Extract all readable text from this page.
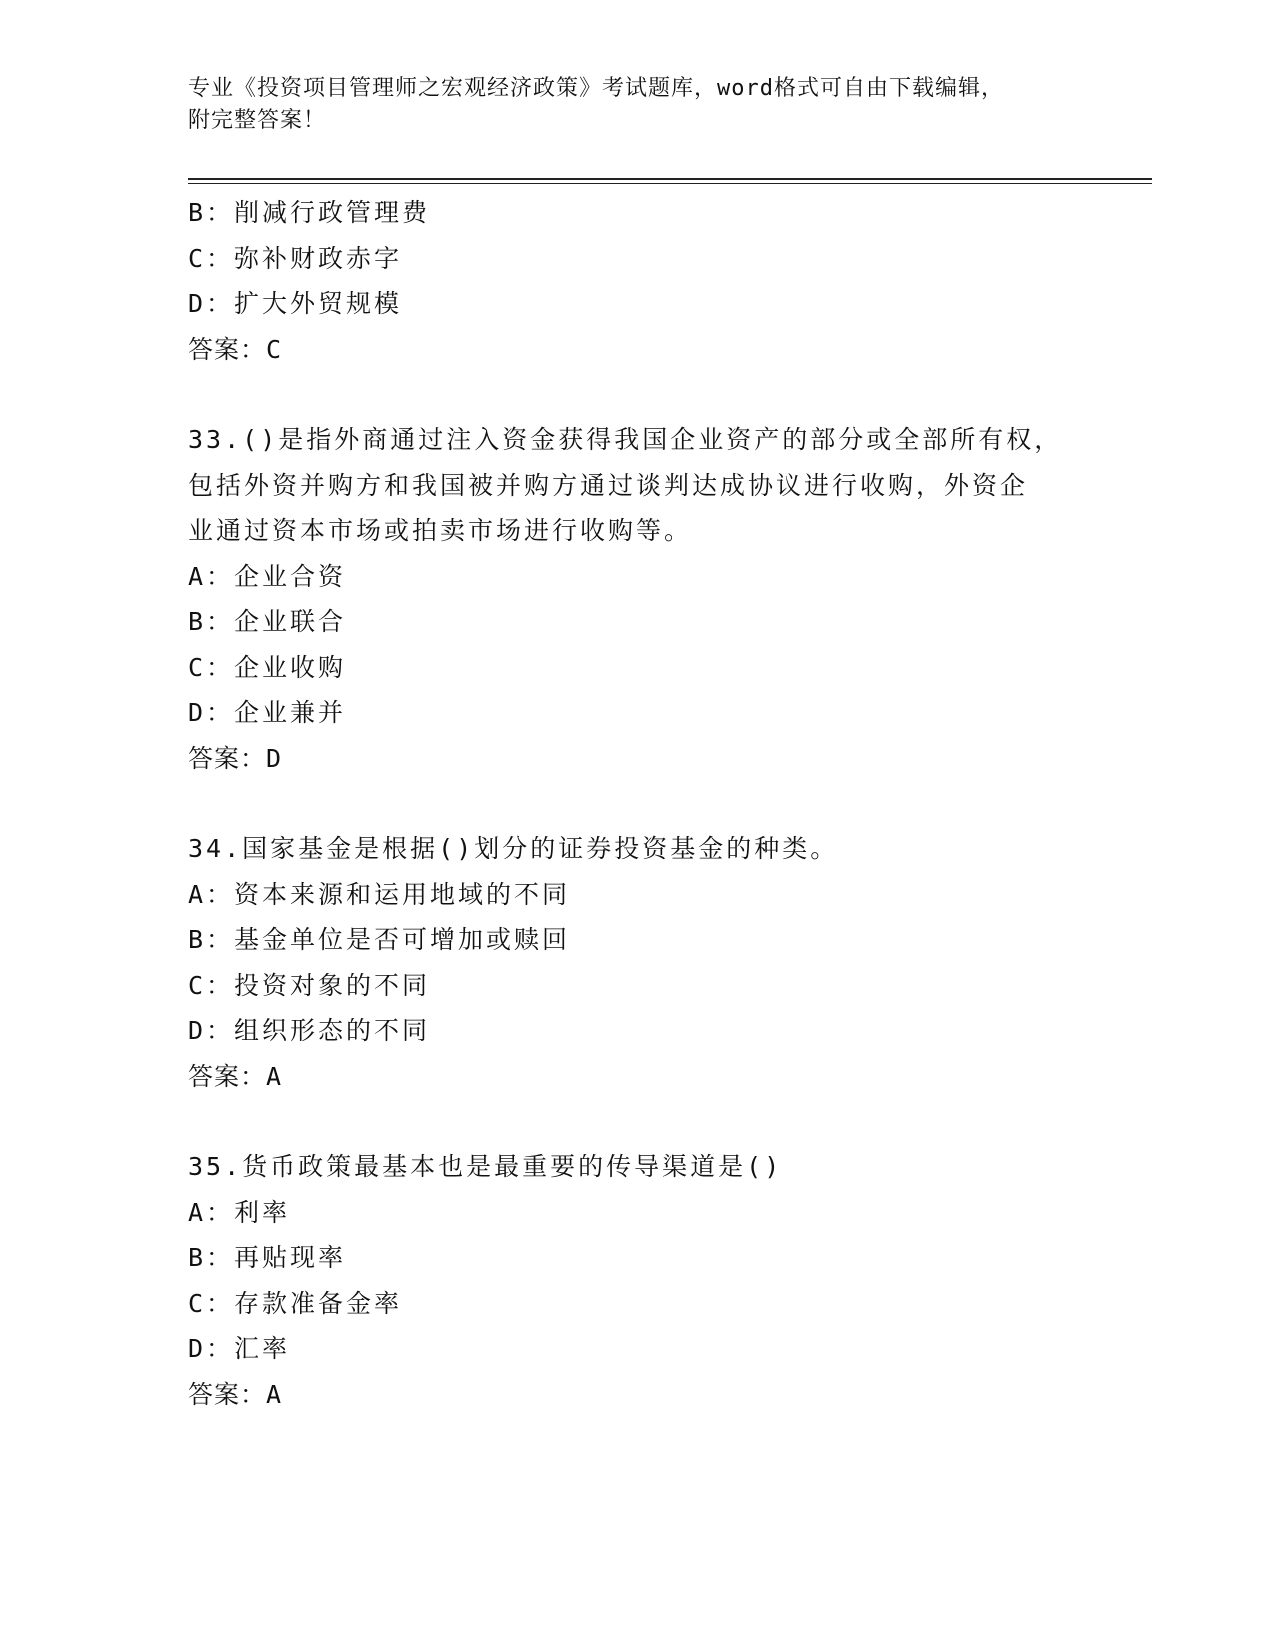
专业《投资项目管理师之宏观经济政策》考试题库，word格式可自由下载编辑，
附完整答案！
B：削减行政管理费
C：弥补财政赤字
D：扩大外贸规模
答案：C
33.()是指外商通过注入资金获得我国企业资产的部分或全部所有权，
包括外资并购方和我国被并购方通过谈判达成协议进行收购，外资企
业通过资本市场或拍卖市场进行收购等。
A：企业合资
B：企业联合
C：企业收购
D：企业兼并
答案：D
34.国家基金是根据()划分的证券投资基金的种类。
A：资本来源和运用地域的不同
B：基金单位是否可增加或赎回
C：投资对象的不同
D：组织形态的不同
答案：A
35.货币政策最基本也是最重要的传导渠道是()
A：利率
B：再贴现率
C：存款准备金率
D：汇率
答案：A
